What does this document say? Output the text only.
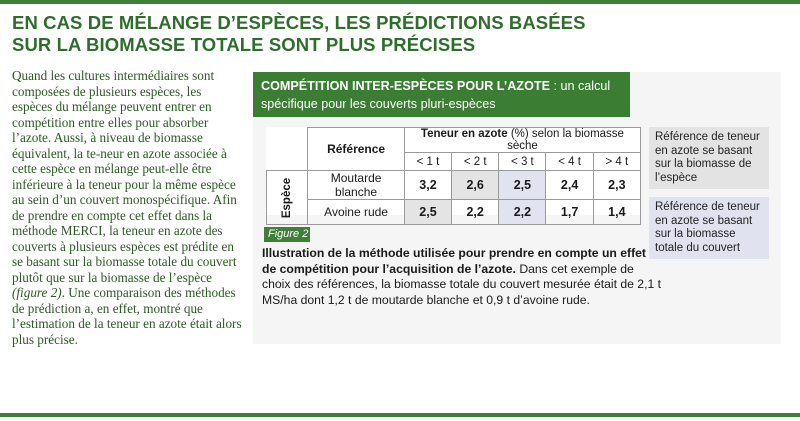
EN CAS DE MÉLANGE D’ESPÈCES, LES PRÉDICTIONS BASÉES
SUR LA BIOMASSE TOTALE SONT PLUS PRÉCISES

Quand les cultures intermédiaires sont composées de plusieurs espèces, les espèces du mélange peuvent entrer en compétition entre elles pour absorber l’azote. Aussi, à niveau de biomasse équivalent, la te-neur en azote associée à cette espèce en mélange peut-elle être inférieure à la teneur pour la même espèce au sein d’un couvert monospécifique. Afin de prendre en compte cet effet dans la méthode MERCI, la teneur en azote des couverts à plusieurs espèces est prédite en se basant sur la biomasse totale du couvert plutôt que sur la biomasse de l’espèce (figure 2). Une comparaison des méthodes de prédiction a, en effet, montré que l’estimation de la teneur en azote était alors plus précise.

COMPÉTITION INTER-ESPÈCES POUR L’AZOTE : un calcul spécifique pour les couverts pluri-espèces
	Référence	Teneur en azote (%) selon la biomasse sèche				
		< 1 t	< 2 t	< 3 t	< 4 t	> 4 t
Espèce	Moutarde blanche	3,2	2,6	2,5	2,4	2,3
	Avoine rude	2,5	2,2	2,2	1,7	1,4
Référence de teneur en azote se basant sur la biomasse de l’espèce
Référence de teneur en azote se basant sur la biomasse totale du couvert
Figure 2

Illustration de la méthode utilisée pour prendre en compte un effet de compétition pour l’acquisition de l’azote. Dans cet exemple de choix des références, la biomasse totale du couvert mesurée était de 2,1 t MS/ha dont 1,2 t de moutarde blanche et 0,9 t d’avoine rude.
